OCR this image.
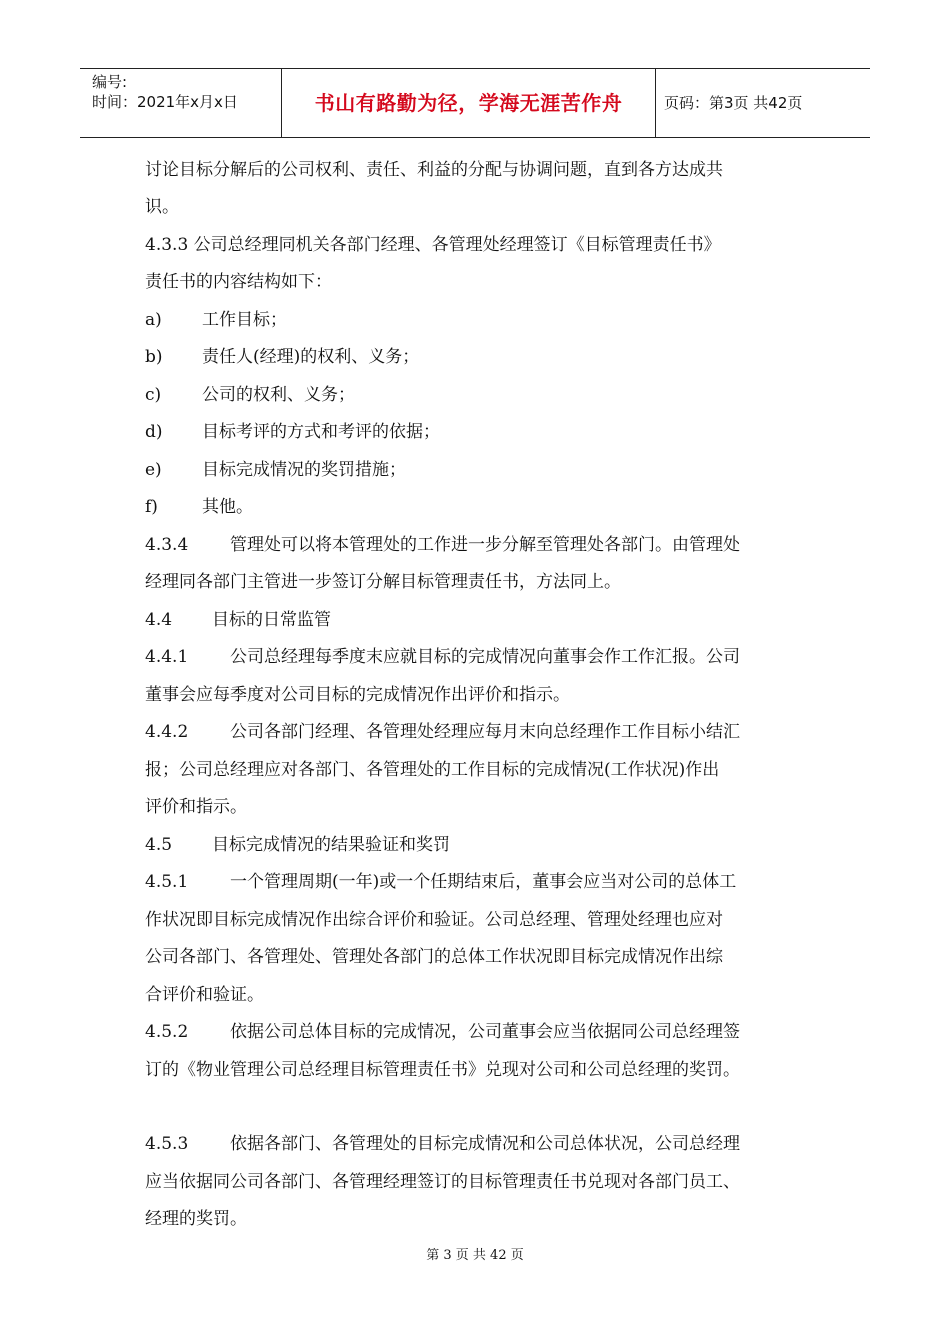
编号:
时间：2021年x月x日	书山有路勤为径，学海无涯苦作舟	页码：第3页 共42页
讨论目标分解后的公司权利、责任、利益的分配与协调问题，直到各方达成共
识。
4.3.3 公司总经理同机关各部门经理、各管理处经理签订《目标管理责任书》
责任书的内容结构如下：
a) 工作目标；
b) 责任人(经理)的权利、义务；
c) 公司的权利、义务；
d) 目标考评的方式和考评的依据；
e) 目标完成情况的奖罚措施；
f)	其他。
4.3.4 管理处可以将本管理处的工作进一步分解至管理处各部门。由管理处
经理同各部门主管进一步签订分解目标管理责任书，方法同上。
4.4 目标的日常监管
4.4.1 公司总经理每季度末应就目标的完成情况向董事会作工作汇报。公司
董事会应每季度对公司目标的完成情况作出评价和指示。
4.4.2 公司各部门经理、各管理处经理应每月末向总经理作工作目标小结汇
报；公司总经理应对各部门、各管理处的工作目标的完成情况(工作状况)作出
评价和指示。
4.5 目标完成情况的结果验证和奖罚
4.5.1 一个管理周期(一年)或一个任期结束后，董事会应当对公司的总体工
作状况即目标完成情况作出综合评价和验证。公司总经理、管理处经理也应对
公司各部门、各管理处、管理处各部门的总体工作状况即目标完成情况作出综
合评价和验证。
4.5.2 依据公司总体目标的完成情况，公司董事会应当依据同公司总经理签
订的《物业管理公司总经理目标管理责任书》兑现对公司和公司总经理的奖罚。
4.5.3 依据各部门、各管理处的目标完成情况和公司总体状况，公司总经理
应当依据同公司各部门、各管理经理签订的目标管理责任书兑现对各部门员工、
经理的奖罚。
第 3 页 共 42 页
